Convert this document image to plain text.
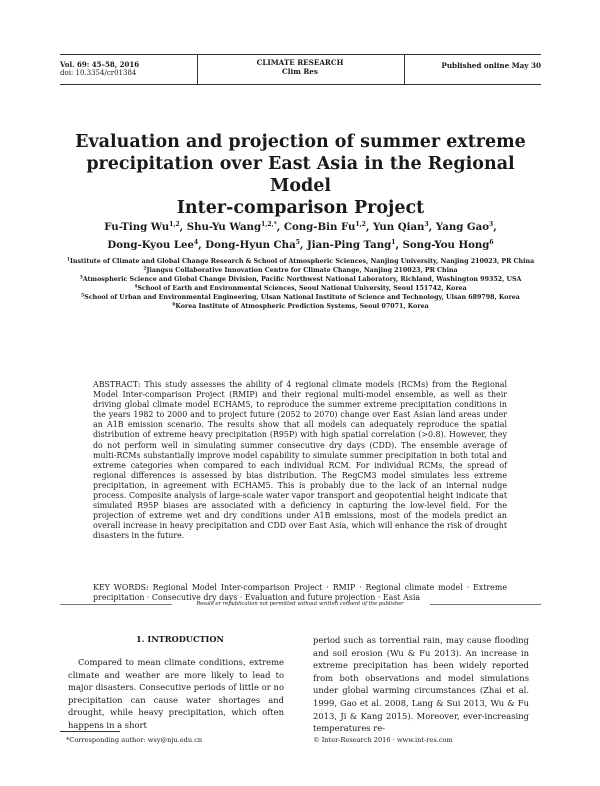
Vol. 69: 45–58, 2016
doi: 10.3354/cr01384
CLIMATE RESEARCH
Clim Res
Published online May 30
Evaluation and projection of summer extreme
precipitation over East Asia in the Regional Model
Inter-comparison Project
Fu-Ting Wu$^{1,2}$, Shu-Yu Wang$^{1,2,*}$, Cong-Bin Fu$^{1,2}$, Yun Qian$^3$, Yang Gao$^3$,
Dong-Kyou Lee$^4$, Dong-Hyun Cha$^5$, Jian-Ping Tang$^1$, Song-You Hong$^6$
$^1$Institute of Climate and Global Change Research & School of Atmospheric Sciences, Nanjing University, Nanjing 210023, PR China
$^2$Jiangsu Collaborative Innovation Centre for Climate Change, Nanjing 210023, PR China
$^3$Atmospheric Science and Global Change Division, Pacific Northwest National Laboratory, Richland, Washington 99352, USA
$^4$School of Earth and Environmental Sciences, Seoul National University, Seoul 151742, Korea
$^5$School of Urban and Environmental Engineering, Ulsan National Institute of Science and Technology, Ulsan 689798, Korea
$^6$Korea Institute of Atmospheric Prediction Systems, Seoul 07071, Korea
ABSTRACT: This study assesses the ability of 4 regional climate models (RCMs) from the Regional Model Inter-comparison Project (RMIP) and their regional multi-model ensemble, as well as their driving global climate model ECHAM5, to reproduce the summer extreme precipitation conditions in the years 1982 to 2000 and to project future (2052 to 2070) change over East Asian land areas under an A1B emission scenario. The results show that all models can adequately reproduce the spatial distribution of extreme heavy precipitation (R95P) with high spatial correlation (>0.8). However, they do not perform well in simulating summer consecutive dry days (CDD). The ensemble average of multi-RCMs substantially improve model capability to simulate summer precipitation in both total and extreme categories when compared to each individual RCM. For individual RCMs, the spread of regional differences is assessed by bias distribution. The RegCM3 model simulates less extreme precipitation, in agreement with ECHAM5. This is probably due to the lack of an internal nudge process. Composite analysis of large-scale water vapor transport and geopotential height indicate that simulated R95P biases are associated with a deficiency in capturing the low-level field. For the projection of extreme wet and dry conditions under A1B emissions, most of the models predict an overall increase in heavy precipitation and CDD over East Asia, which will enhance the risk of drought disasters in the future.
KEY WORDS: Regional Model Inter-comparison Project · RMIP · Regional climate model · Extreme precipitation · Consecutive dry days · Evaluation and future projection · East Asia
Resale or republication not permitted without written consent of the publisher
1. INTRODUCTION
Compared to mean climate conditions, extreme climate and weather are more likely to lead to major disasters. Consecutive periods of little or no precipitation can cause water shortages and drought, while heavy precipitation, which often happens in a short
period such as torrential rain, may cause flooding and soil erosion (Wu & Fu 2013). An increase in extreme precipitation has been widely reported from both observations and model simulations under global warming circumstances (Zhai et al. 1999, Gao et al. 2008, Lang & Sui 2013, Wu & Fu 2013, Ji & Kang 2015). Moreover, ever-increasing temperatures re-
*Corresponding author: wsy@nju.edu.cn	© Inter-Research 2016 · www.int-res.com
